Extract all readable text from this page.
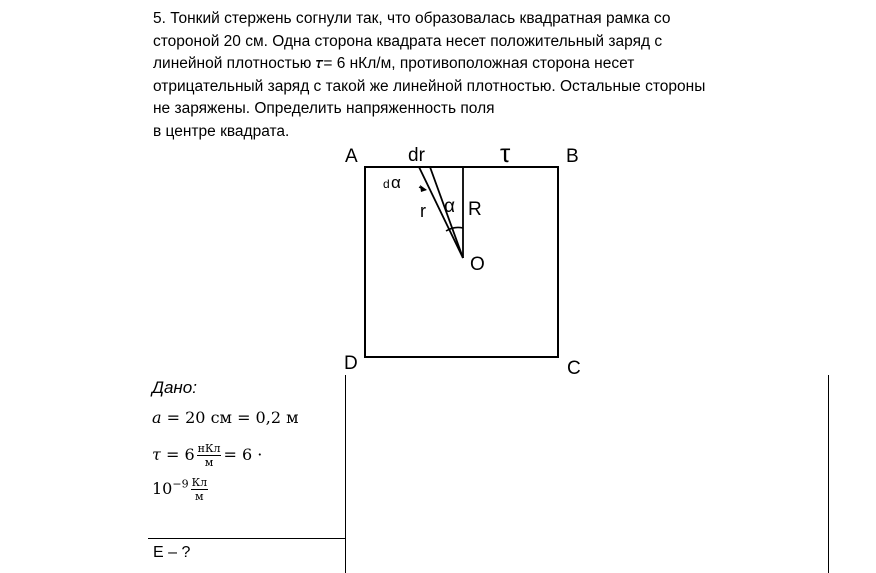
5. Тонкий стержень согнули так, что образовалась квадратная рамка со
стороной 20 см. Одна сторона квадрата несет положительный заряд с
линейной плотностью 𝜏= 6 нКл/м, противоположная сторона несет
отрицательный заряд с такой же линейной плотностью. Остальные стороны
не заряжены. Определить напряженность поля
в центре квадрата.
A	B
C
D
dr	τ
O
r α R
d α
Дано:
𝑎 = 20 см = 0,2 м
𝜏 = $6 \frac{\text{нКл}}{м} = 6$ ·
$10^{-9} \frac{Кл}{м}$
E – ?
